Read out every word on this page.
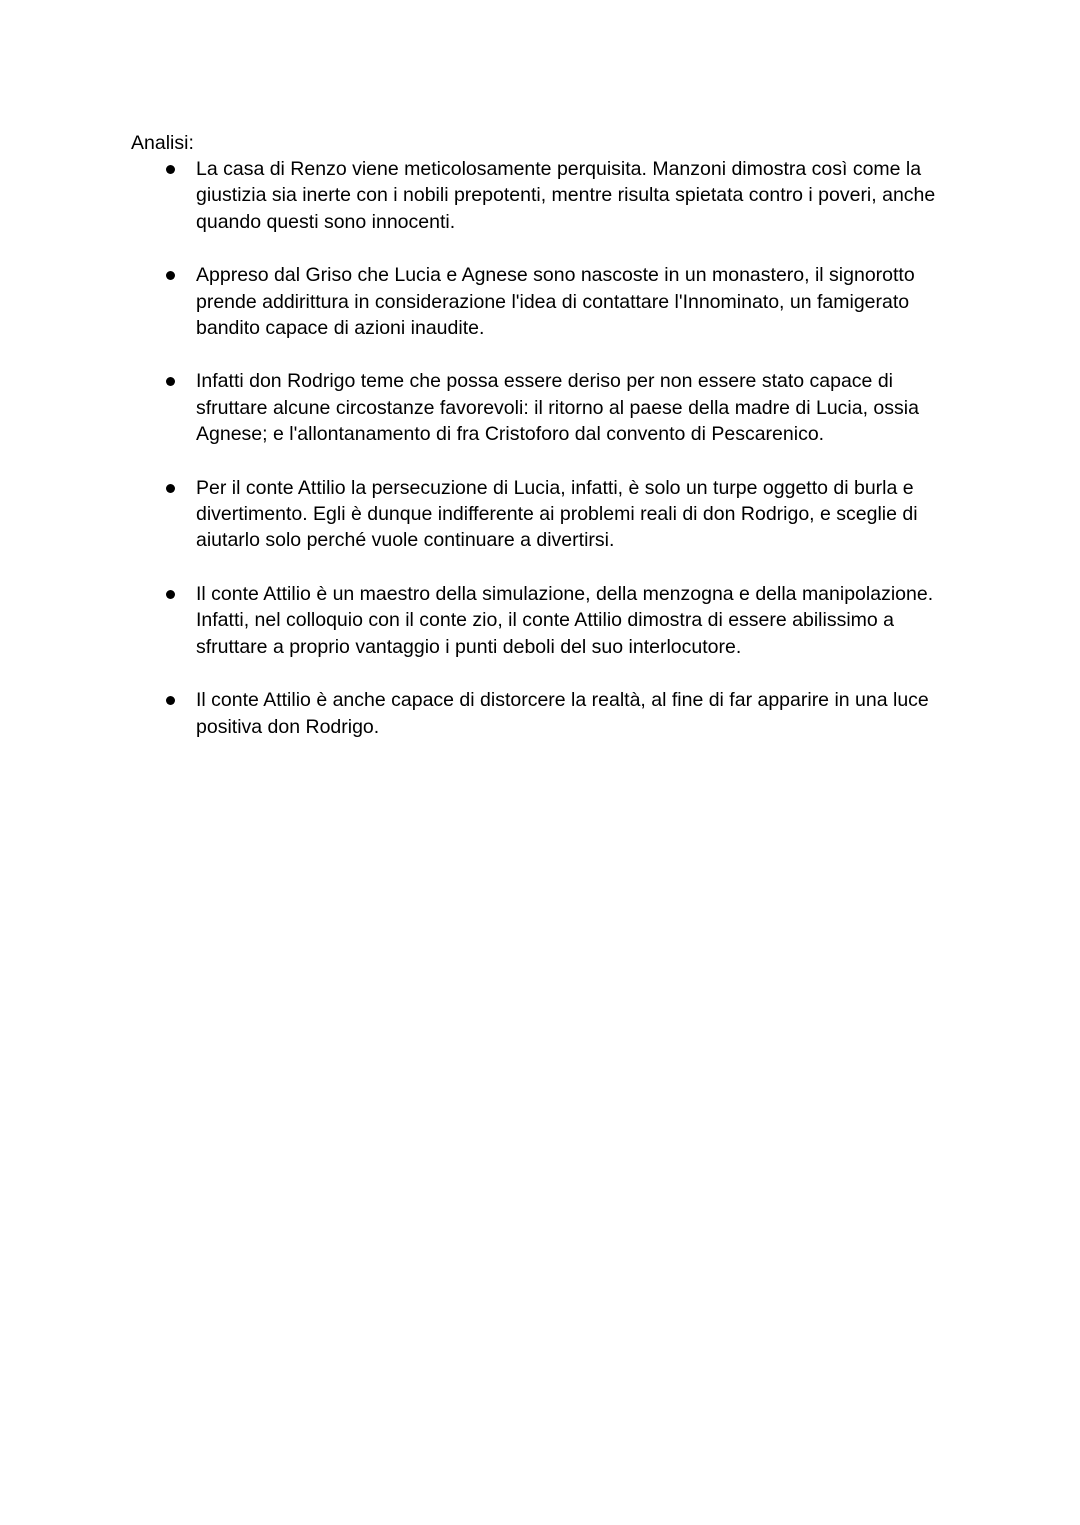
Analisi:
La casa di Renzo viene meticolosamente perquisita. Manzoni dimostra così come la giustizia sia inerte con i nobili prepotenti, mentre risulta spietata contro i poveri, anche quando questi sono innocenti.
Appreso dal Griso che Lucia e Agnese sono nascoste in un monastero, il signorotto prende addirittura in considerazione l'idea di contattare l'Innominato, un famigerato bandito capace di azioni inaudite.
Infatti don Rodrigo teme che possa essere deriso per non essere stato capace di sfruttare alcune circostanze favorevoli: il ritorno al paese della madre di Lucia, ossia Agnese; e l'allontanamento di fra Cristoforo dal convento di Pescarenico.
Per il conte Attilio la persecuzione di Lucia, infatti, è solo un turpe oggetto di burla e divertimento. Egli è dunque indifferente ai problemi reali di don Rodrigo, e sceglie di aiutarlo solo perché vuole continuare a divertirsi.
Il conte Attilio è un maestro della simulazione, della menzogna e della manipolazione. Infatti, nel colloquio con il conte zio, il conte Attilio dimostra di essere abilissimo a sfruttare a proprio vantaggio i punti deboli del suo interlocutore.
Il conte Attilio è anche capace di distorcere la realtà, al fine di far apparire in una luce positiva don Rodrigo.
